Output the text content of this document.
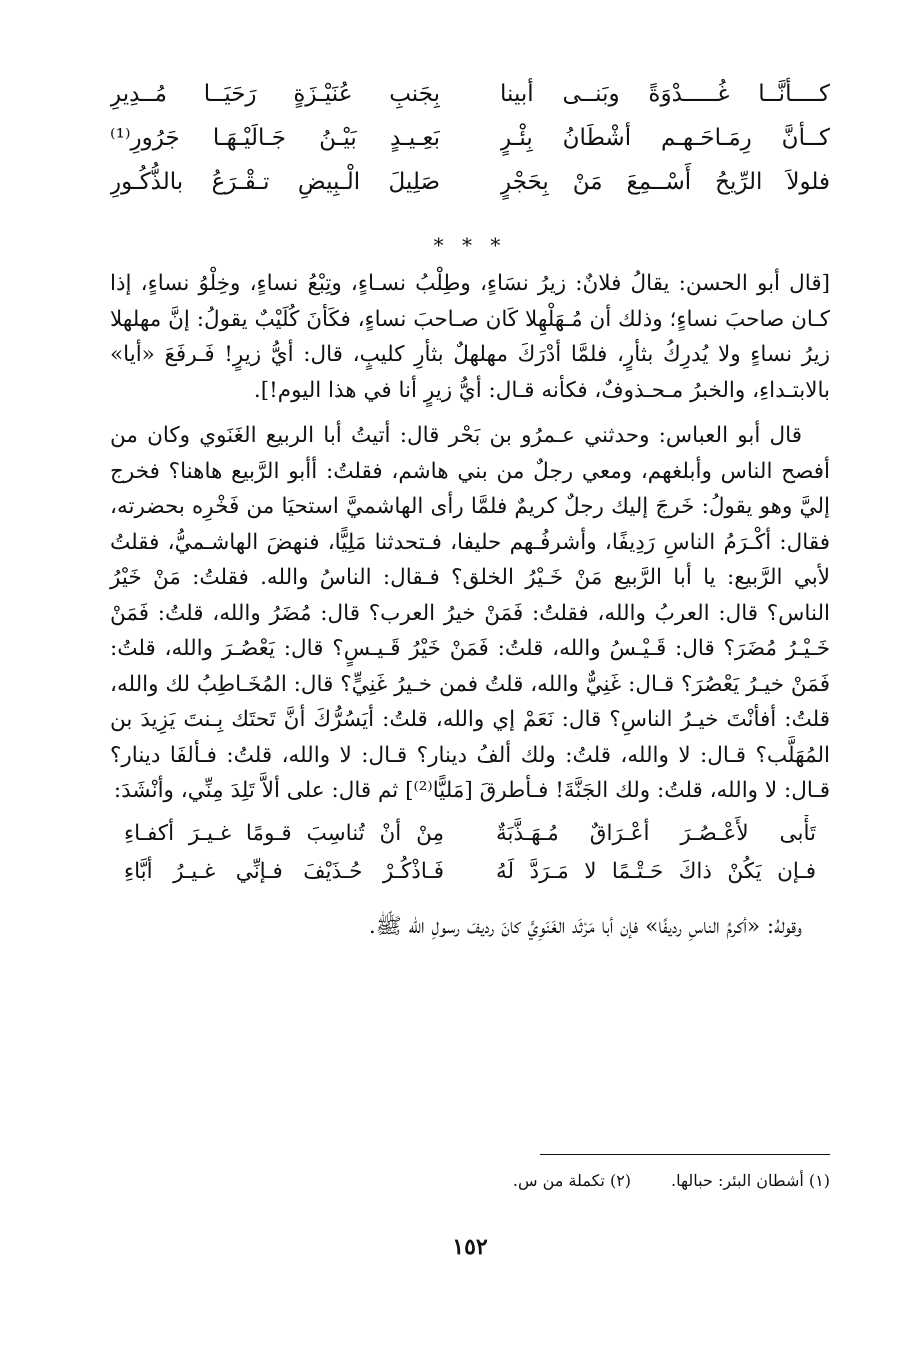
كــــأنَّــا غُـــــدْوَةً وبَنــى أبينا
بِجَنبِ عُنَيْـزَةٍ رَحَيَــا مُــدِيرِ
كــأنَّ رِمَـاحَـهـم أشْطَانُ بِئْـرٍ
بَعِـيـدٍ بَيْـنُ جَـالَيْـهَـا جَرُورِ⁽¹⁾
فلولاَ الرِّيحُ أَسْــمِعَ مَنْ بِحَجْرٍ
صَلِيلَ الْـبِيضِ تـقْـرَعُ بالذُّكُـورِ
* * *

[قال أبو الحسن: يقالُ فلانٌ: زيرُ نسَاءٍ، وطِلْبُ نسـاءٍ، وتِبْعُ نساءٍ، وخِلْوُ نساءٍ، إذا كـان صاحبَ نساءٍ؛ وذلك أن مُـهَلْهِلا كَان صـاحبَ نساءٍ، فكَأنَ كُلَيْبٌ يقولُ: إنَّ مهلهلا زيرُ نساءٍ ولا يُدرِكُ بثأرٍ، فلمَّا أدْرَكَ مهلهلٌ بثأرِ كليبٍ، قال: أيُّ زيرٍ! فَـرفَعَ «أيا» بالابتـداءِ، والخبرُ مـحـذوفٌ، فكأنه قـال: أيُّ زيرٍ أنا في هذا اليوم!].

قال أبو العباس: وحدثني عـمرُو بن بَحْر قال: أتيتُ أبا الربيع الغَنَوي وكان من أفصح الناس وأبلغهم، ومعي رجلٌ من بني هاشم، فقلتُ: أأبو الرَّبيع هاهنا؟ فخرج إليَّ وهو يقولُ: خَرجَ إليك رجلٌ كريمٌ فلمَّا رأى الهاشميَّ استحيَا من فَخْرِه بحضرته، فقال: أكْـرَمُ الناسِ رَدِيفًا، وأشرفُـهم حليفا، فـتحدثنا مَلِيًّا، فنهضَ الهاشـميُّ، فقلتُ لأبي الرَّبيع: يا أبا الرَّبيع مَنْ خَـيْرُ الخلق؟ فـقال: الناسُ والله. فقلتُ: مَنْ خَيْرُ الناس؟ قال: العربُ والله، فقلتُ: فَمَنْ خيرُ العرب؟ قال: مُضَرُ والله، قلتُ: فَمَنْ خَـيْـرُ مُضَرَ؟ قال: قَـيْـسُ والله، قلتُ: فَمَنْ خَيْرُ قَـيـسٍ؟ قال: يَعْصُـرَ والله، قلتُ: فَمَنْ خيـرُ يَعْصُرَ؟ قـال: غَنِيٌّ والله، قلتُ فمن خـيرُ غَنِيٍّ؟ قال: المُخَـاطِبُ لك والله، قلتُ: أفأنْتَ خيـرُ الناسِ؟ قال: نَعَمْ إي والله، قلتُ: أيَسُرُّكَ أنَّ تَحتَك بِـنتَ يَزِيدَ بن المُهَلَّب؟ قـال: لا والله، قلتُ: ولك ألفُ دينار؟ قـال: لا والله، قلتُ: فـألفَا دينار؟ قـال: لا والله، قلتُ: ولك الجَنَّةَ! فـأطرقَ [مَليًّا⁽²⁾] ثم قال: على ألاَّ تَلِدَ مِنِّي، وأنْشَدَ:

تَأْبى لأَعْـصُـرَ أعْـرَاقٌ مُـهَـذَّبَةٌ
مِنْ أنْ تُناسِبَ قـومًا غـيـرَ أكفـاءِ
فـإن يَكُنْ ذاكَ حَـتْـمًا لا مَـرَدَّ لَهُ
فَـاذْكُـرْ حُـذَيْفَ فـإنِّي غـيـرُ أبَّاءِ

وقولهُ: «أكرمُ الناسِ رديفًا» فإن أبا مَرْثَد الغَنَوِيَّ كانَ رديفَ رسولِ الله ﷺ.

(١) أشطان البئر: حبالها.
(٢) تكملة من س.
١٥٢
